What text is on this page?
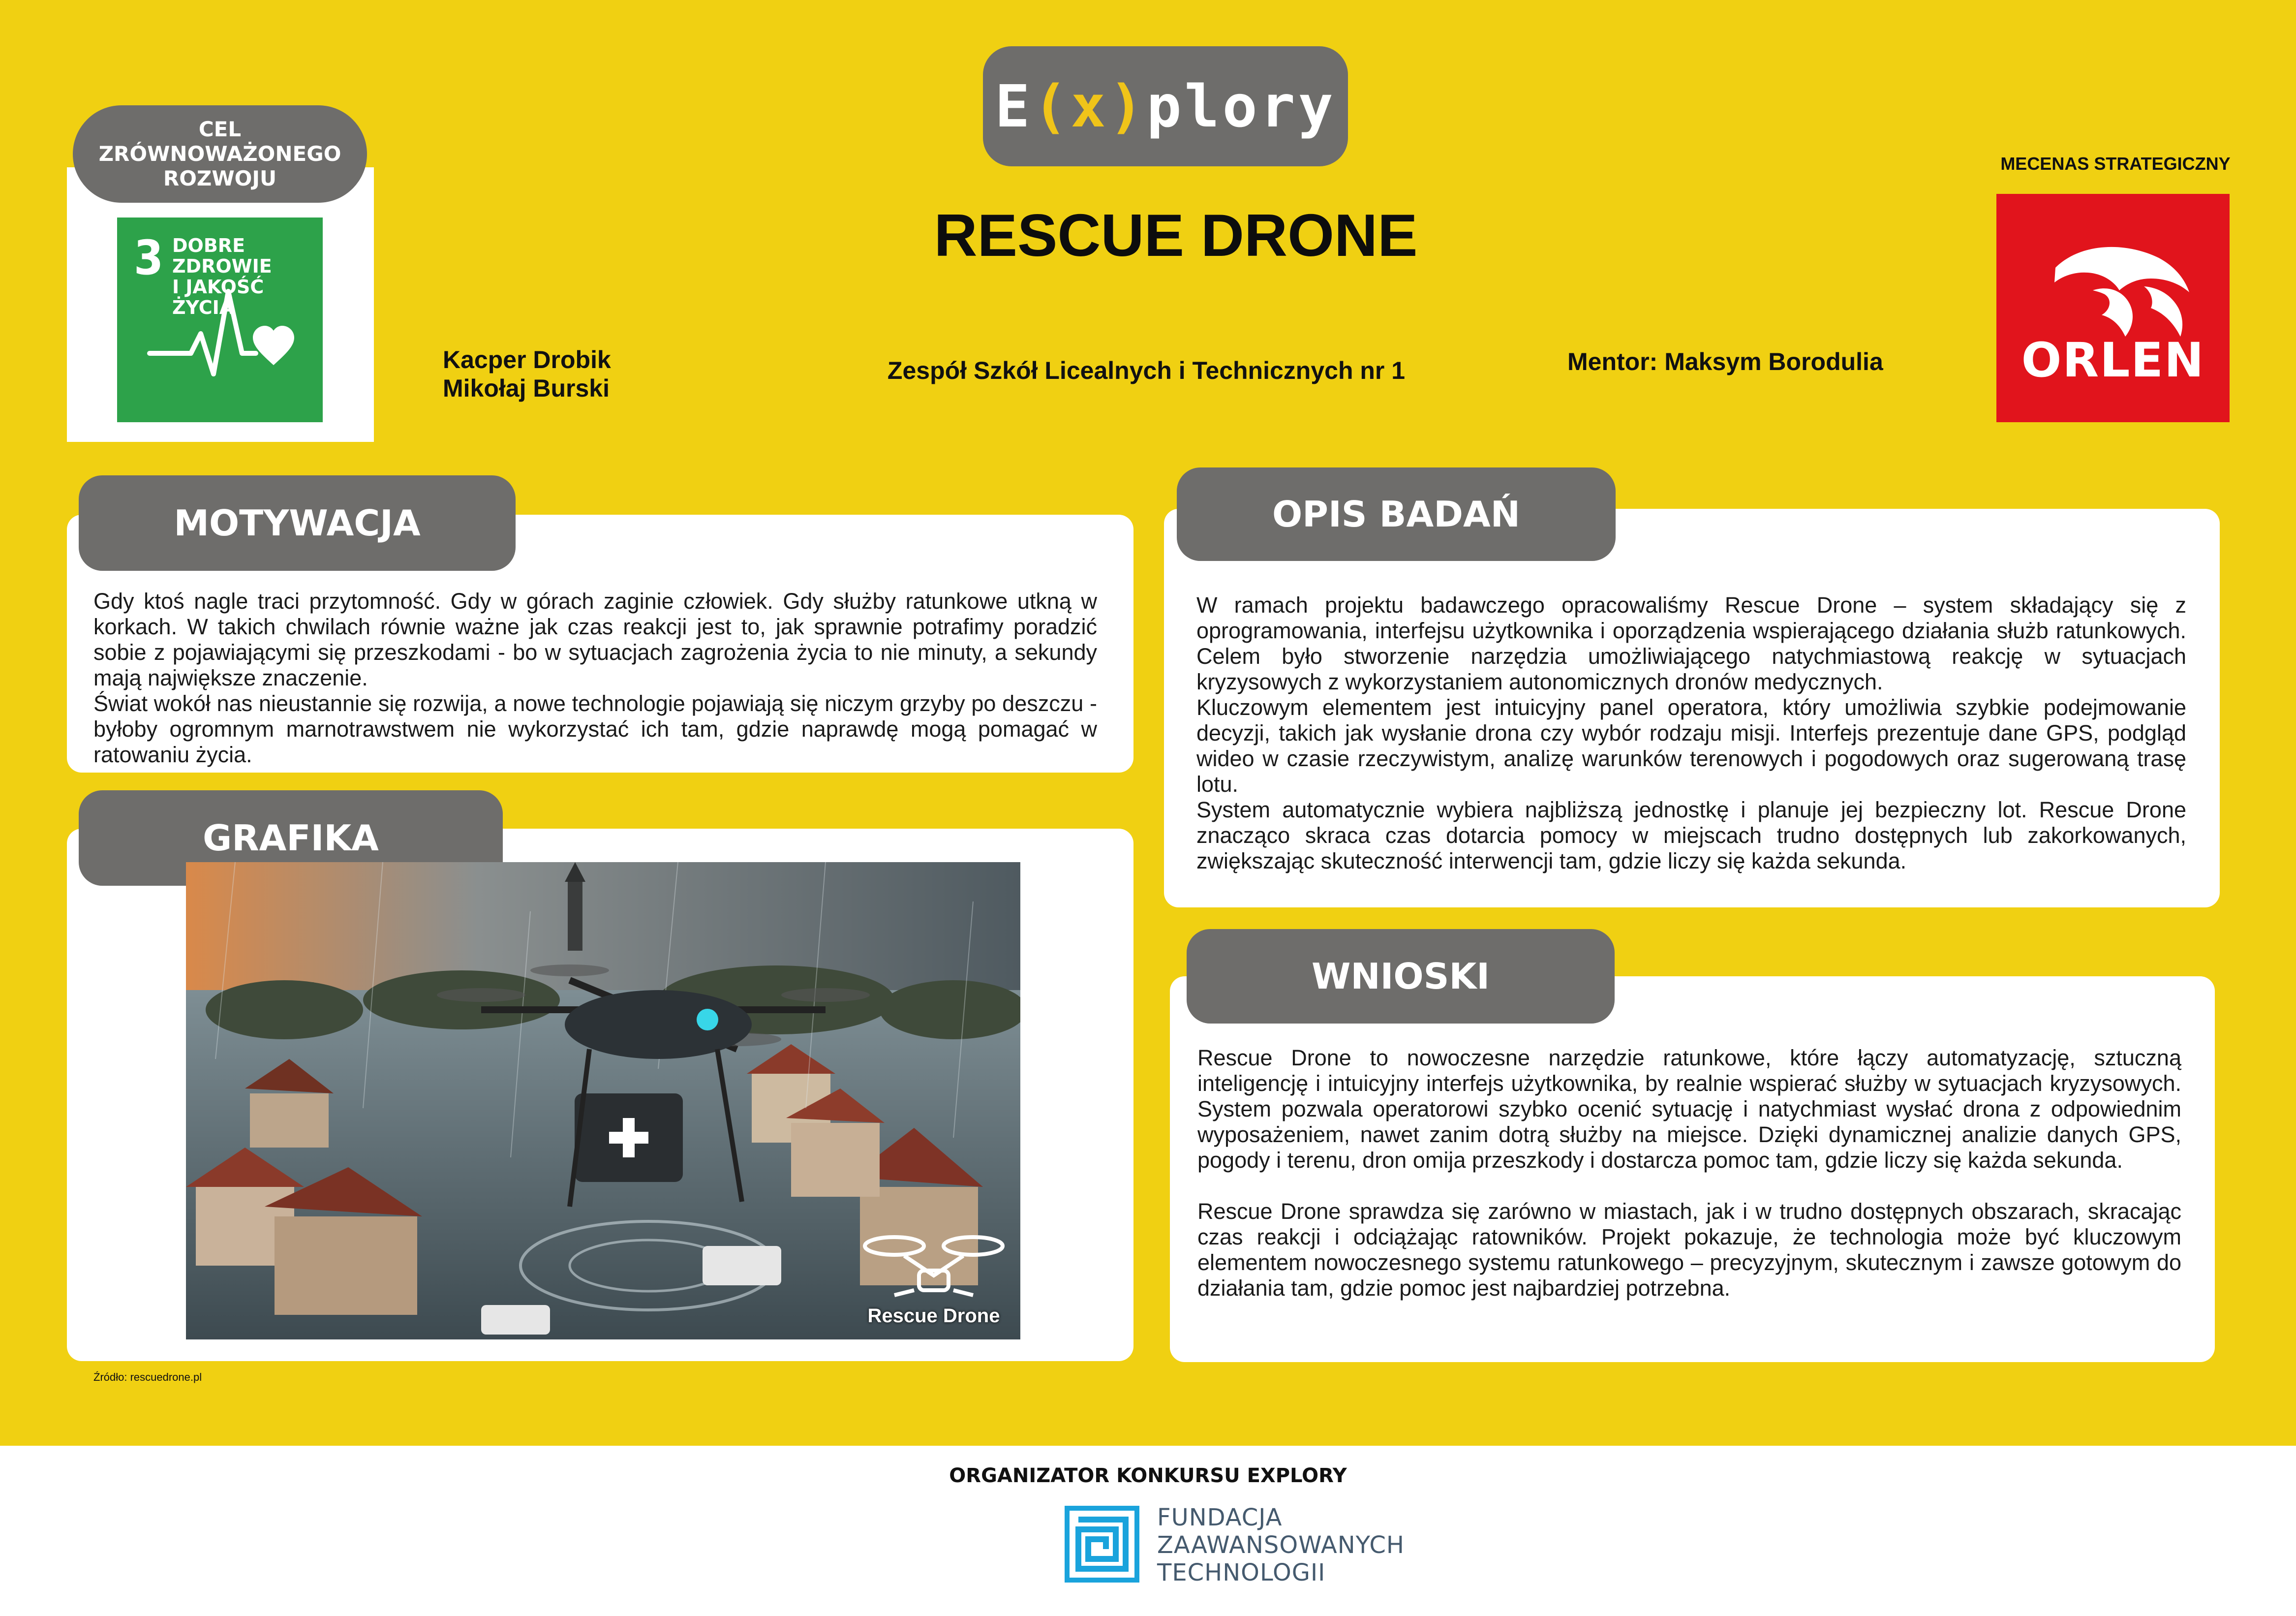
E ( x ) plory
RESCUE DRONE
Kacper Drobik
Mikołaj Burski
Zespół Szkół Licealnych i Technicznych nr 1	Mentor: Maksym Borodulia
MECENAS STRATEGICZNY
ORLEN
CEL
ZRÓWNOWAŻONEGO
ROZWOJU
3 DOBRE ZDROWIE
I JAKOŚĆ ŻYCIA
MOTYWACJA

Gdy ktoś nagle traci przytomność. Gdy w górach zaginie człowiek. Gdy służby ratunkowe utkną w korkach. W takich chwilach równie ważne jak czas reakcji jest to, jak sprawnie potrafimy poradzić sobie z pojawiającymi się przeszkodami - bo w sytuacjach zagrożenia życia to nie minuty, a sekundy mają największe znaczenie.

Świat wokół nas nieustannie się rozwija, a nowe technologie pojawiają się niczym grzyby po deszczu - byłoby ogromnym marnotrawstwem nie wykorzystać ich tam, gdzie naprawdę mogą pomagać w ratowaniu życia.

GRAFIKA
Rescue Drone
Źródło: rescuedrone.pl
OPIS BADAŃ

W ramach projektu badawczego opracowaliśmy Rescue Drone – system składający się z oprogramowania, interfejsu użytkownika i oporządzenia wspierającego działania służb ratunkowych. Celem było stworzenie narzędzia umożliwiającego natychmiastową reakcję w sytuacjach kryzysowych z wykorzystaniem autonomicznych dronów medycznych.

Kluczowym elementem jest intuicyjny panel operatora, który umożliwia szybkie podejmowanie decyzji, takich jak wysłanie drona czy wybór rodzaju misji. Interfejs prezentuje dane GPS, podgląd wideo w czasie rzeczywistym, analizę warunków terenowych i pogodowych oraz sugerowaną trasę lotu.

System automatycznie wybiera najbliższą jednostkę i planuje jej bezpieczny lot. Rescue Drone znacząco skraca czas dotarcia pomocy w miejscach trudno dostępnych lub zakorkowanych, zwiększając skuteczność interwencji tam, gdzie liczy się każda sekunda.

WNIOSKI

Rescue Drone to nowoczesne narzędzie ratunkowe, które łączy automatyzację, sztuczną inteligencję i intuicyjny interfejs użytkownika, by realnie wspierać służby w sytuacjach kryzysowych. System pozwala operatorowi szybko ocenić sytuację i natychmiast wysłać drona z odpowiednim wyposażeniem, nawet zanim dotrą służby na miejsce. Dzięki dynamicznej analizie danych GPS, pogody i terenu, dron omija przeszkody i dostarcza pomoc tam, gdzie liczy się każda sekunda.

Rescue Drone sprawdza się zarówno w miastach, jak i w trudno dostępnych obszarach, skracając czas reakcji i odciążając ratowników. Projekt pokazuje, że technologia może być kluczowym elementem nowoczesnego systemu ratunkowego – precyzyjnym, skutecznym i zawsze gotowym do działania tam, gdzie pomoc jest najbardziej potrzebna.

ORGANIZATOR KONKURSU EXPLORY
FUNDACJA
ZAAWANSOWANYCH
TECHNOLOGII
